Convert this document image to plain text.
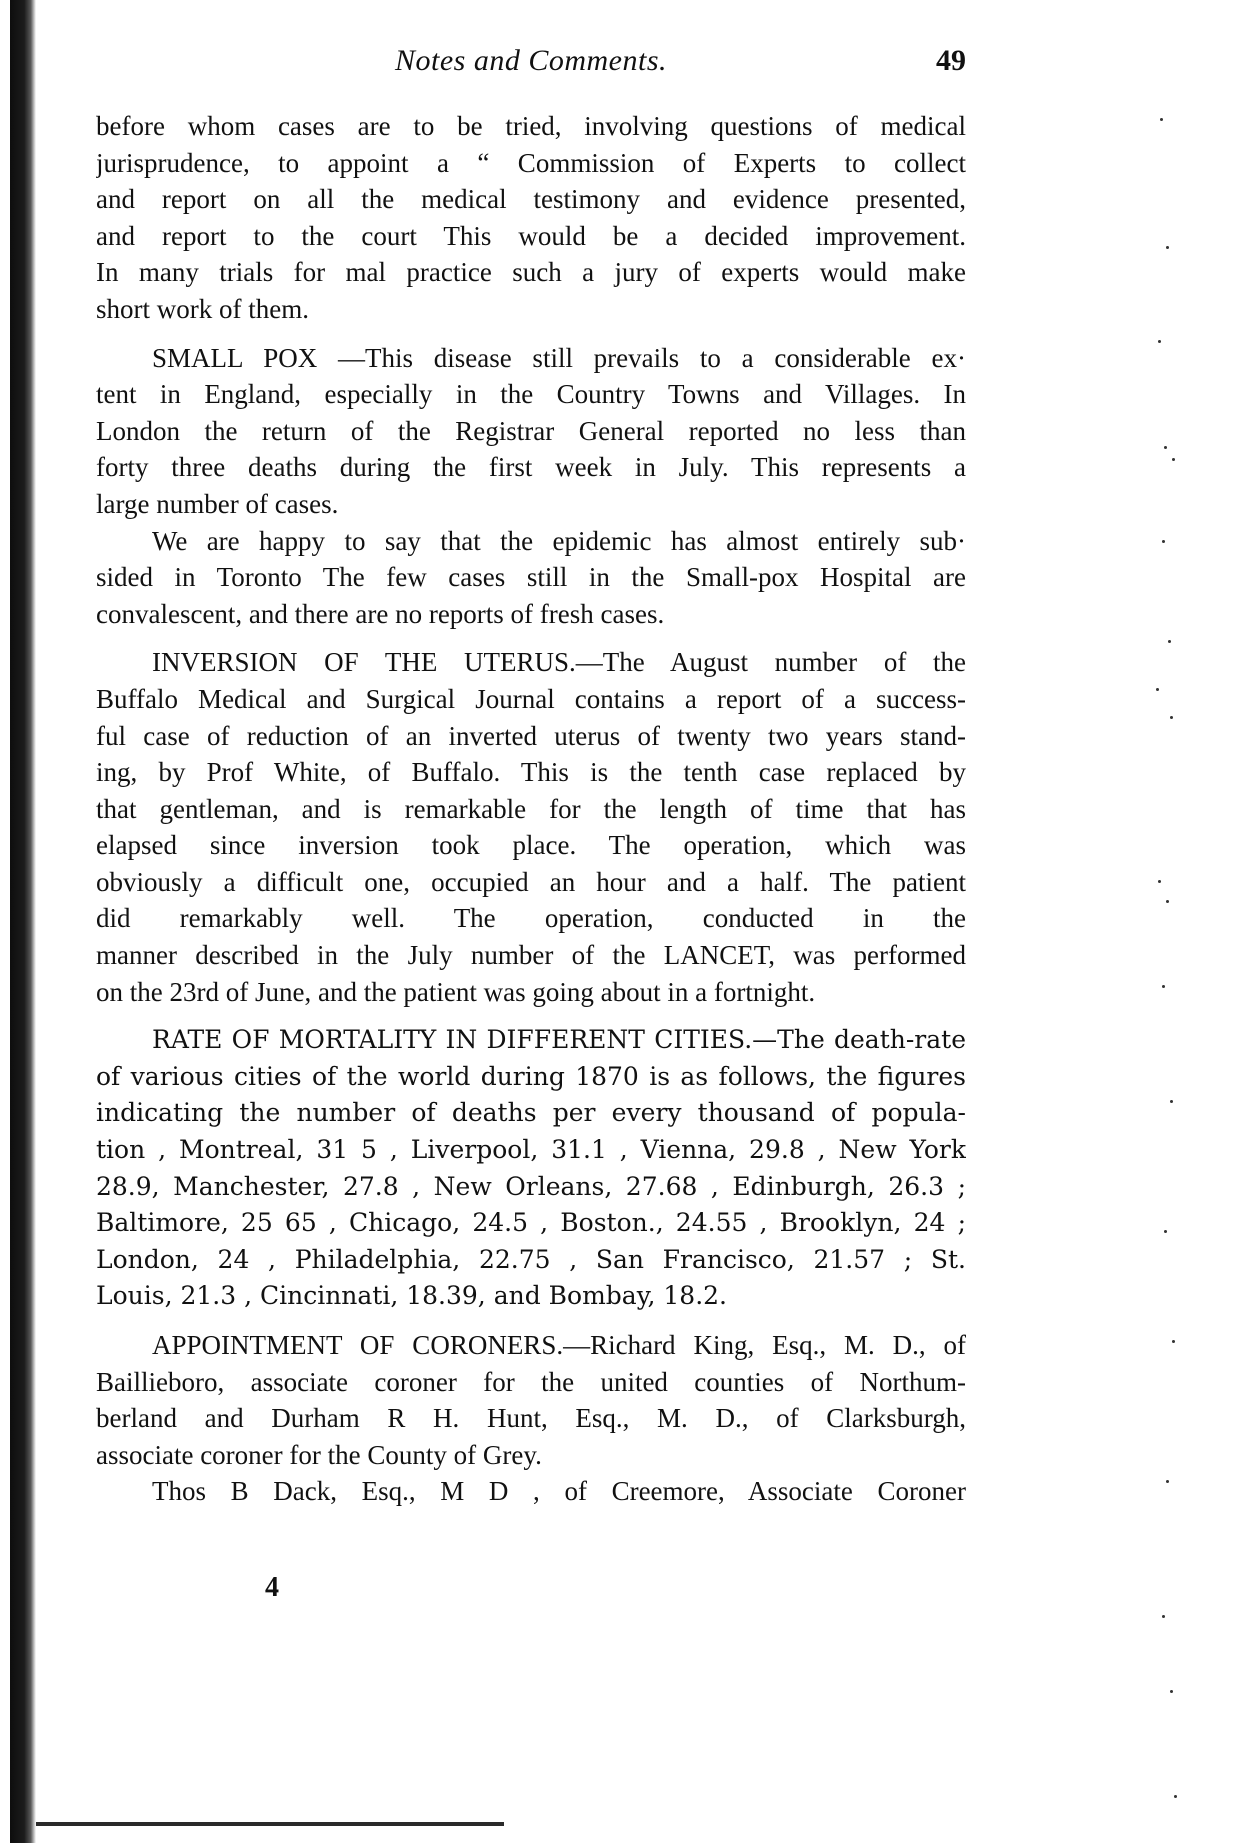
Notes and Comments.	49
before whom cases are to be tried, involving questions of medical
jurisprudence, to appoint a “ Commission of Experts to collect
and report on all the medical testimony and evidence presented,
and report to the court This would be a decided improvement.
In many trials for mal practice such a jury of experts would make
short work of them.
SMALL POX —This disease still prevails to a considerable ex·
tent in England, especially in the Country Towns and Villages. In
London the return of the Registrar General reported no less than
forty three deaths during the first week in July. This represents a
large number of cases.
We are happy to say that the epidemic has almost entirely sub·
sided in Toronto The few cases still in the Small-pox Hospital are
convalescent, and there are no reports of fresh cases.
INVERSION OF THE UTERUS.—The August number of the
Buffalo Medical and Surgical Journal contains a report of a success-
ful case of reduction of an inverted uterus of twenty two years stand-
ing, by Prof White, of Buffalo. This is the tenth case replaced by
that gentleman, and is remarkable for the length of time that has
elapsed since inversion took place. The operation, which was
obviously a difficult one, occupied an hour and a half. The patient
did remarkably well. The operation, conducted in the
manner described in the July number of the LANCET, was performed
on the 23rd of June, and the patient was going about in a fortnight.
RATE OF MORTALITY IN DIFFERENT CITIES.—The death-rate
of various cities of the world during 1870 is as follows, the figures
indicating the number of deaths per every thousand of popula-
tion , Montreal, 31 5 , Liverpool, 31.1 , Vienna, 29.8 , New York
28.9, Manchester, 27.8 , New Orleans, 27.68 , Edinburgh, 26.3 ;
Baltimore, 25 65 , Chicago, 24.5 , Boston., 24.55 , Brooklyn, 24 ;
London, 24 , Philadelphia, 22.75 , San Francisco, 21.57 ; St.
Louis, 21.3 , Cincinnati, 18.39, and Bombay, 18.2.
APPOINTMENT OF CORONERS.—Richard King, Esq., M. D., of
Baillieboro, associate coroner for the united counties of Northum-
berland and Durham R H. Hunt, Esq., M. D., of Clarksburgh,
associate coroner for the County of Grey.
Thos B Dack, Esq., M D , of Creemore, Associate Coroner
4
